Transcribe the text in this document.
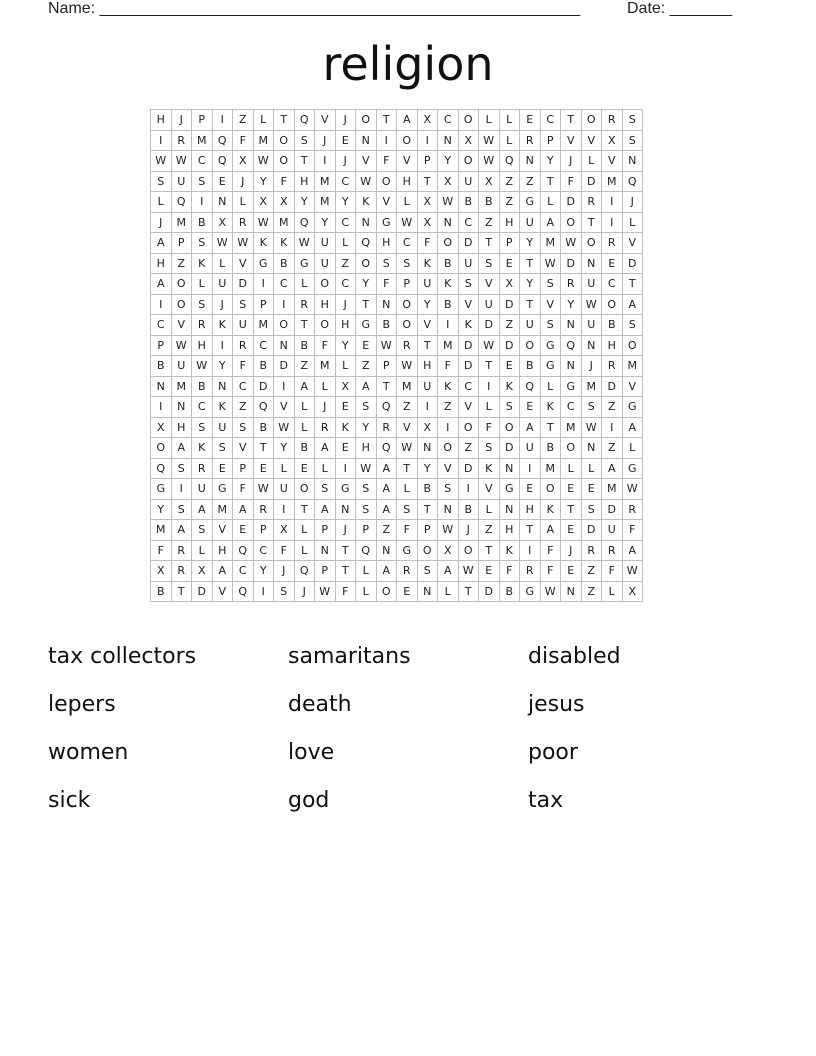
Name: ______________________________________________________	Date: _______
religion
H	J	P	I	Z	L	T	Q	V	J	O	T	A	X	C	O	L	L	E	C	T	O	R	S
I	R	M	Q	F	M	O	S	J	E	N	I	O	I	N	X	W	L	R	P	V	V	X	S
W	W	C	Q	X	W	O	T	I	J	V	F	V	P	Y	O	W	Q	N	Y	J	L	V	N
S	U	S	E	J	Y	F	H	M	C	W	O	H	T	X	U	X	Z	Z	T	F	D	M	Q
L	Q	I	N	L	X	X	Y	M	Y	K	V	L	X	W	B	B	Z	G	L	D	R	I	J
J	M	B	X	R	W	M	Q	Y	C	N	G	W	X	N	C	Z	H	U	A	O	T	I	L
A	P	S	W	W	K	K	W	U	L	Q	H	C	F	O	D	T	P	Y	M	W	O	R	V
H	Z	K	L	V	G	B	G	U	Z	O	S	S	K	B	U	S	E	T	W	D	N	E	D
A	O	L	U	D	I	C	L	O	C	Y	F	P	U	K	S	V	X	Y	S	R	U	C	T
I	O	S	J	S	P	I	R	H	J	T	N	O	Y	B	V	U	D	T	V	Y	W	O	A
C	V	R	K	U	M	O	T	O	H	G	B	O	V	I	K	D	Z	U	S	N	U	B	S
P	W	H	I	R	C	N	B	F	Y	E	W	R	T	M	D	W	D	O	G	Q	N	H	O
B	U	W	Y	F	B	D	Z	M	L	Z	P	W	H	F	D	T	E	B	G	N	J	R	M
N	M	B	N	C	D	I	A	L	X	A	T	M	U	K	C	I	K	Q	L	G	M	D	V
I	N	C	K	Z	Q	V	L	J	E	S	Q	Z	I	Z	V	L	S	E	K	C	S	Z	G
X	H	S	U	S	B	W	L	R	K	Y	R	V	X	I	O	F	O	A	T	M	W	I	A
O	A	K	S	V	T	Y	B	A	E	H	Q	W	N	O	Z	S	D	U	B	O	N	Z	L
Q	S	R	E	P	E	L	E	L	I	W	A	T	Y	V	D	K	N	I	M	L	L	A	G
G	I	U	G	F	W	U	O	S	G	S	A	L	B	S	I	V	G	E	O	E	E	M	W
Y	S	A	M	A	R	I	T	A	N	S	A	S	T	N	B	L	N	H	K	T	S	D	R
M	A	S	V	E	P	X	L	P	J	P	Z	F	P	W	J	Z	H	T	A	E	D	U	F
F	R	L	H	Q	C	F	L	N	T	Q	N	G	O	X	O	T	K	I	F	J	R	R	A
X	R	X	A	C	Y	J	Q	P	T	L	A	R	S	A	W	E	F	R	F	E	Z	F	W
B	T	D	V	Q	I	S	J	W	F	L	O	E	N	L	T	D	B	G	W	N	Z	L	X
tax collectors	samaritans	disabled
lepers	death	jesus
women	love	poor
sick	god	tax
